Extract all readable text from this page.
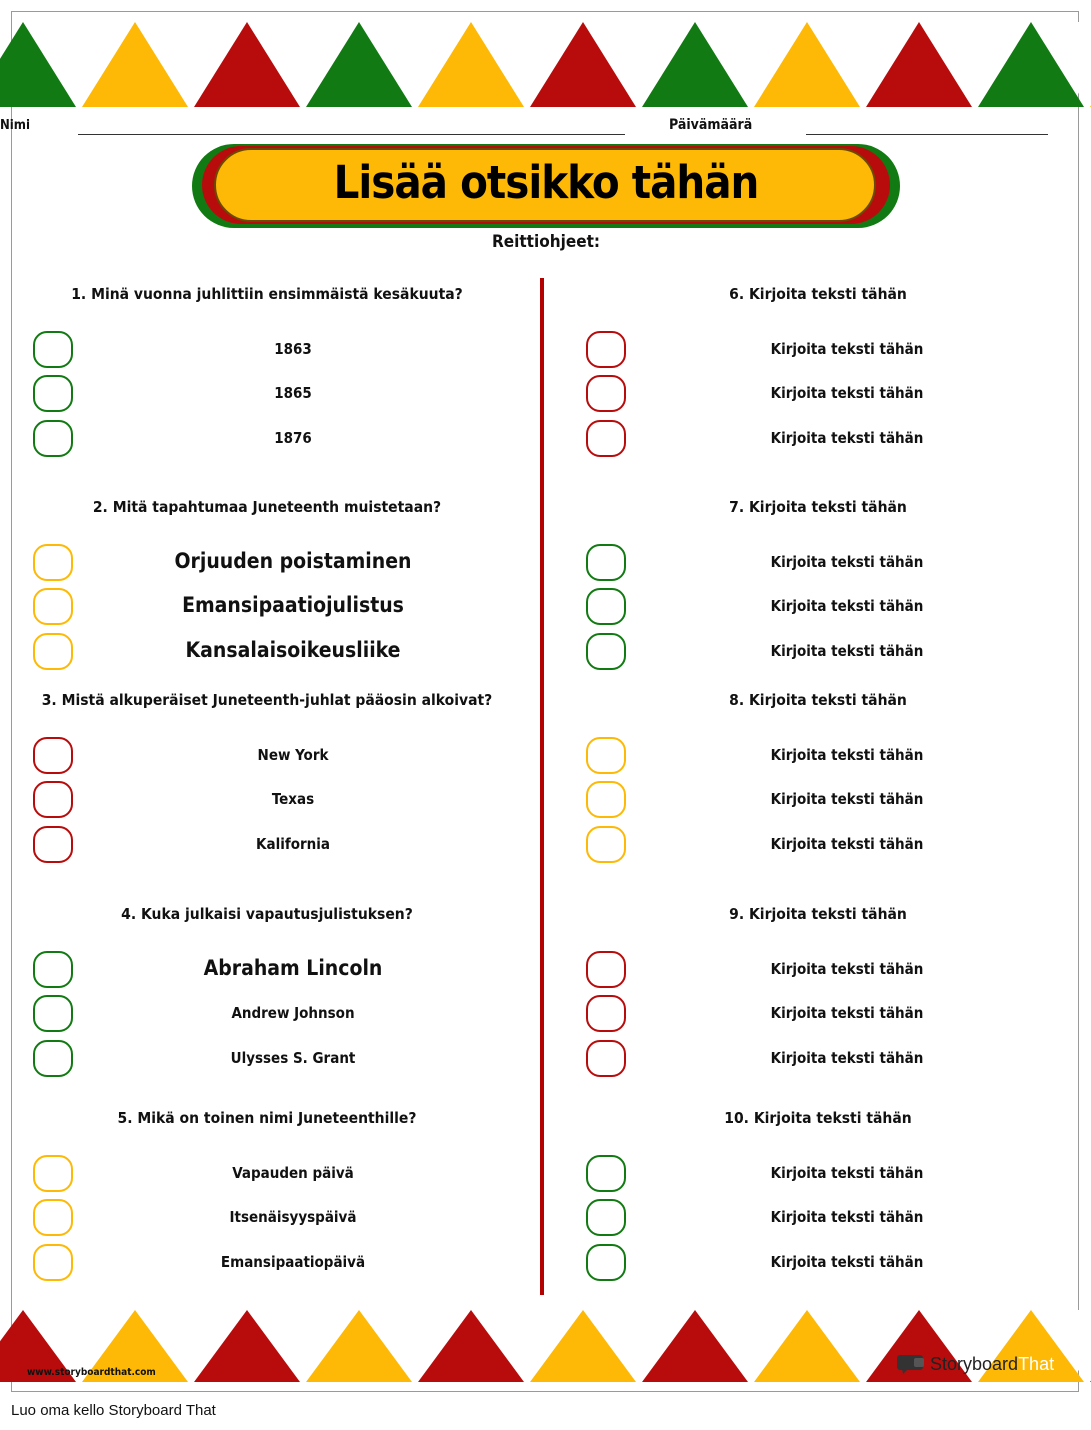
Nimi	Päivämäärä
Lisää otsikko tähän
Reittiohjeet:
1. Minä vuonna juhlittiin ensimmäistä kesäkuuta?
1863
1865
1876
2. Mitä tapahtumaa Juneteenth muistetaan?
Orjuuden poistaminen
Emansipaatiojulistus
Kansalaisoikeusliike
3. Mistä alkuperäiset Juneteenth-juhlat pääosin alkoivat?
New York
Texas
Kalifornia
4. Kuka julkaisi vapautusjulistuksen?
Abraham Lincoln
Andrew Johnson
Ulysses S. Grant
5. Mikä on toinen nimi Juneteenthille?
Vapauden päivä
Itsenäisyyspäivä
Emansipaatiopäivä
6. Kirjoita teksti tähän
Kirjoita teksti tähän
Kirjoita teksti tähän
Kirjoita teksti tähän
7. Kirjoita teksti tähän
Kirjoita teksti tähän
Kirjoita teksti tähän
Kirjoita teksti tähän
8. Kirjoita teksti tähän
Kirjoita teksti tähän
Kirjoita teksti tähän
Kirjoita teksti tähän
9. Kirjoita teksti tähän
Kirjoita teksti tähän
Kirjoita teksti tähän
Kirjoita teksti tähän
10. Kirjoita teksti tähän
Kirjoita teksti tähän
Kirjoita teksti tähän
Kirjoita teksti tähän
www.storyboardthat.com	StoryboardThat
Luo oma kello Storyboard That
